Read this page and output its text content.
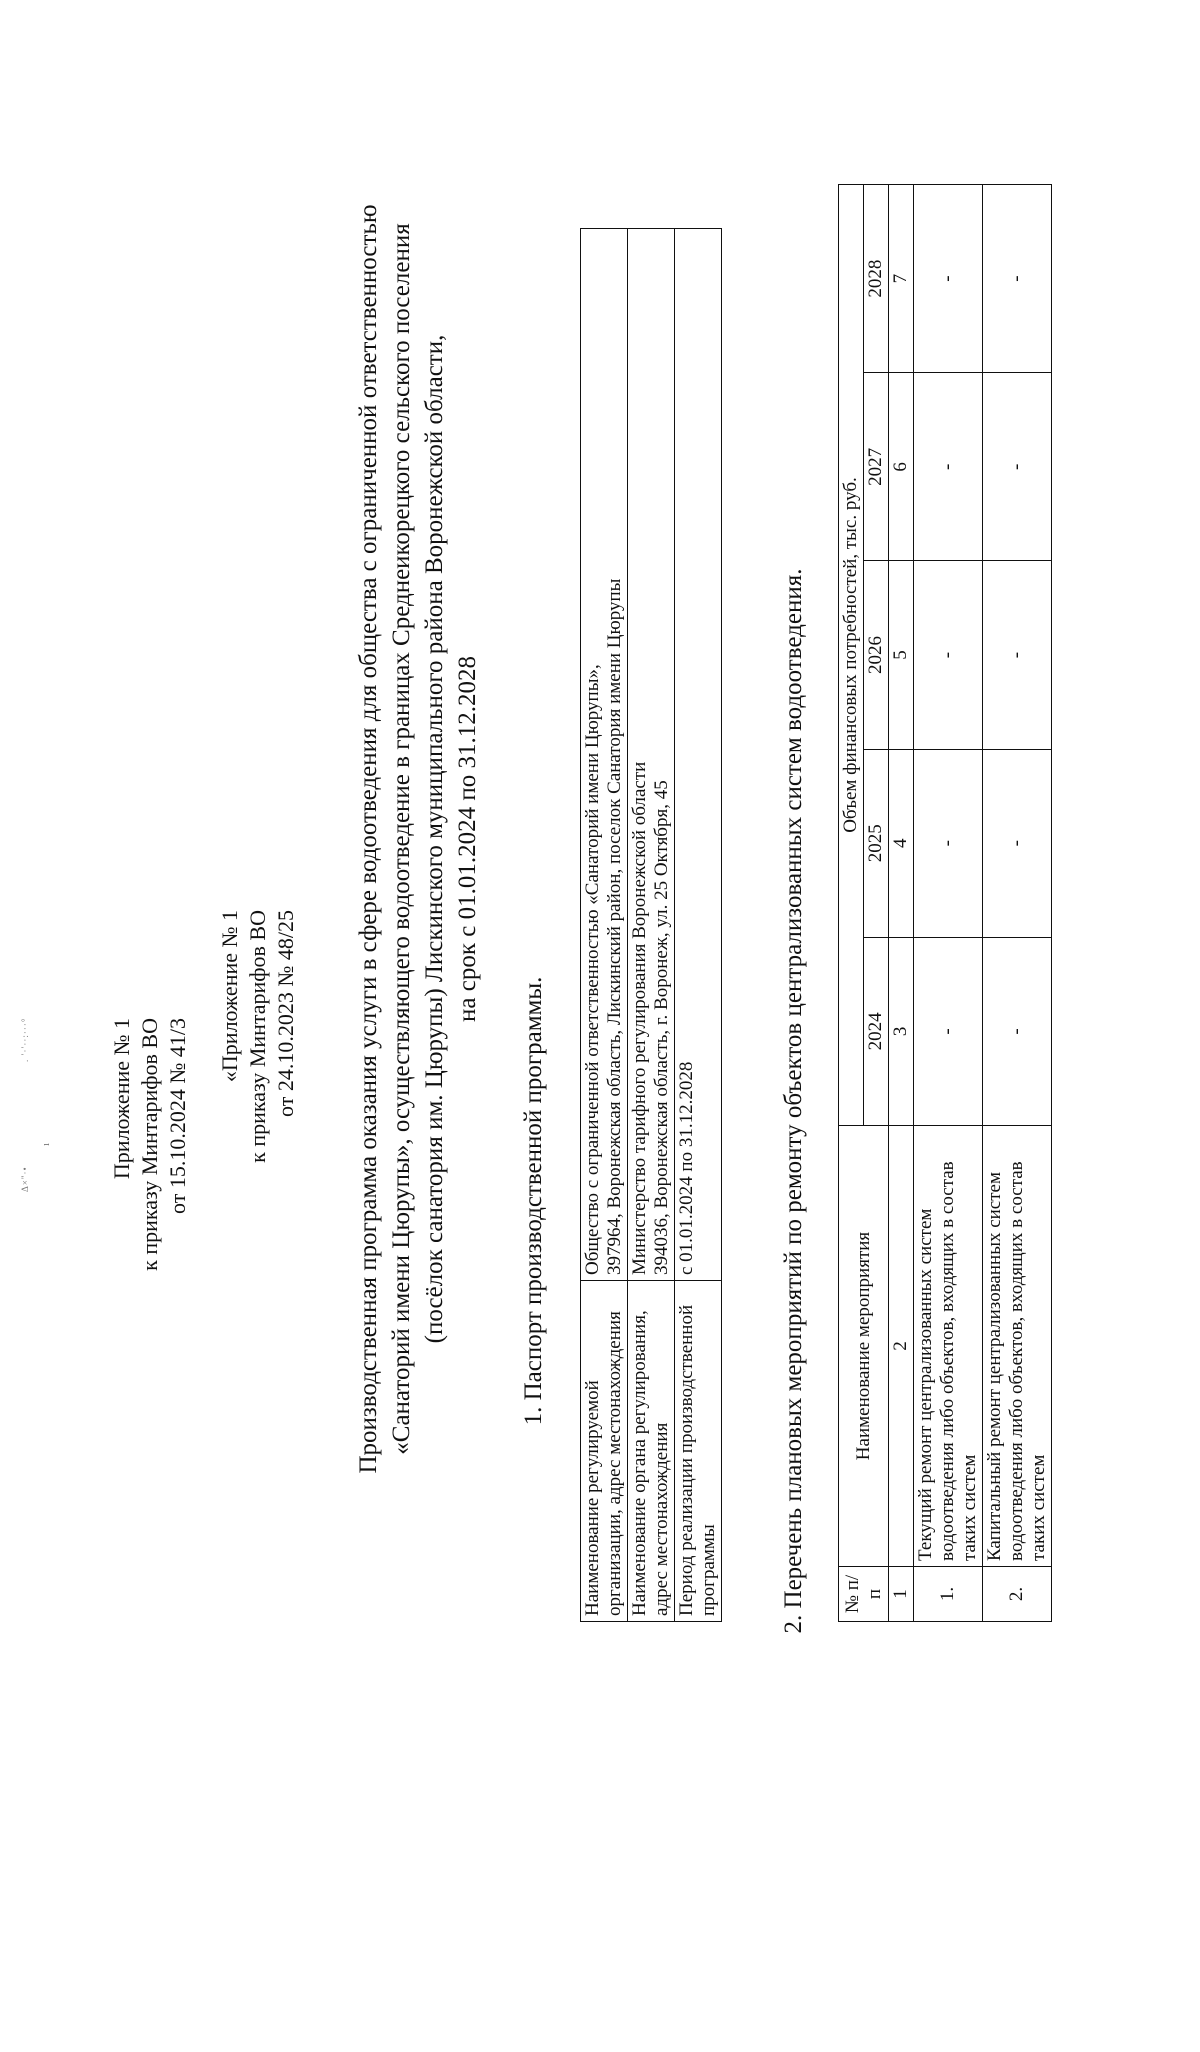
Δ×"·•
. ′·′··:···°
ı	Приложение № 1 к приказу Минтарифов ВО от 15.10.2024 № 41/3
«Приложение № 1 к приказу Минтарифов ВО от 24.10.2023 № 48/25 Производственная программа оказания услуги в сфере водоотведения для общества с ограниченной ответственностью «Санаторий имени Цюрупы», осуществляющего водоотведение в границах Среднеикорецкого сельского поселения (посёлок санатория им. Цюрупы) Лискинского муниципального района Воронежской области, на срок с 01.01.2024 по 31.12.2028
1. Паспорт производственной программы.
Наименование регулируемой организации, адрес местонахождения	Общество с ограниченной ответственностью «Санаторий имени Цюрупы», 397964, Воронежская область, Лискинский район, поселок Санатория имени Цюрупы

Наименование органа регулирования, адрес местонахождения	Министерство тарифного регулирования Воронежской области 394036, Воронежская область, г. Воронеж, ул. 25 Октября, 45

Период реализации производственной программы	с 01.01.2024 по 31.12.2028	2. Перечень плановых мероприятий по ремонту объектов централизованных систем водоотведения. № п/п	Наименование мероприятия	Объем финансовых потребностей, тыс. руб.				
		2024	2025	2026	2027	2028
1	2	3	4	5	6	7
1.	Текущий ремонт централизованных систем водоотведения либо объектов, входящих в состав таких систем	-	-	-	-	-
2.	Капитальный ремонт централизованных систем водоотведения либо объектов, входящих в состав таких систем	-	-	-	-	-
